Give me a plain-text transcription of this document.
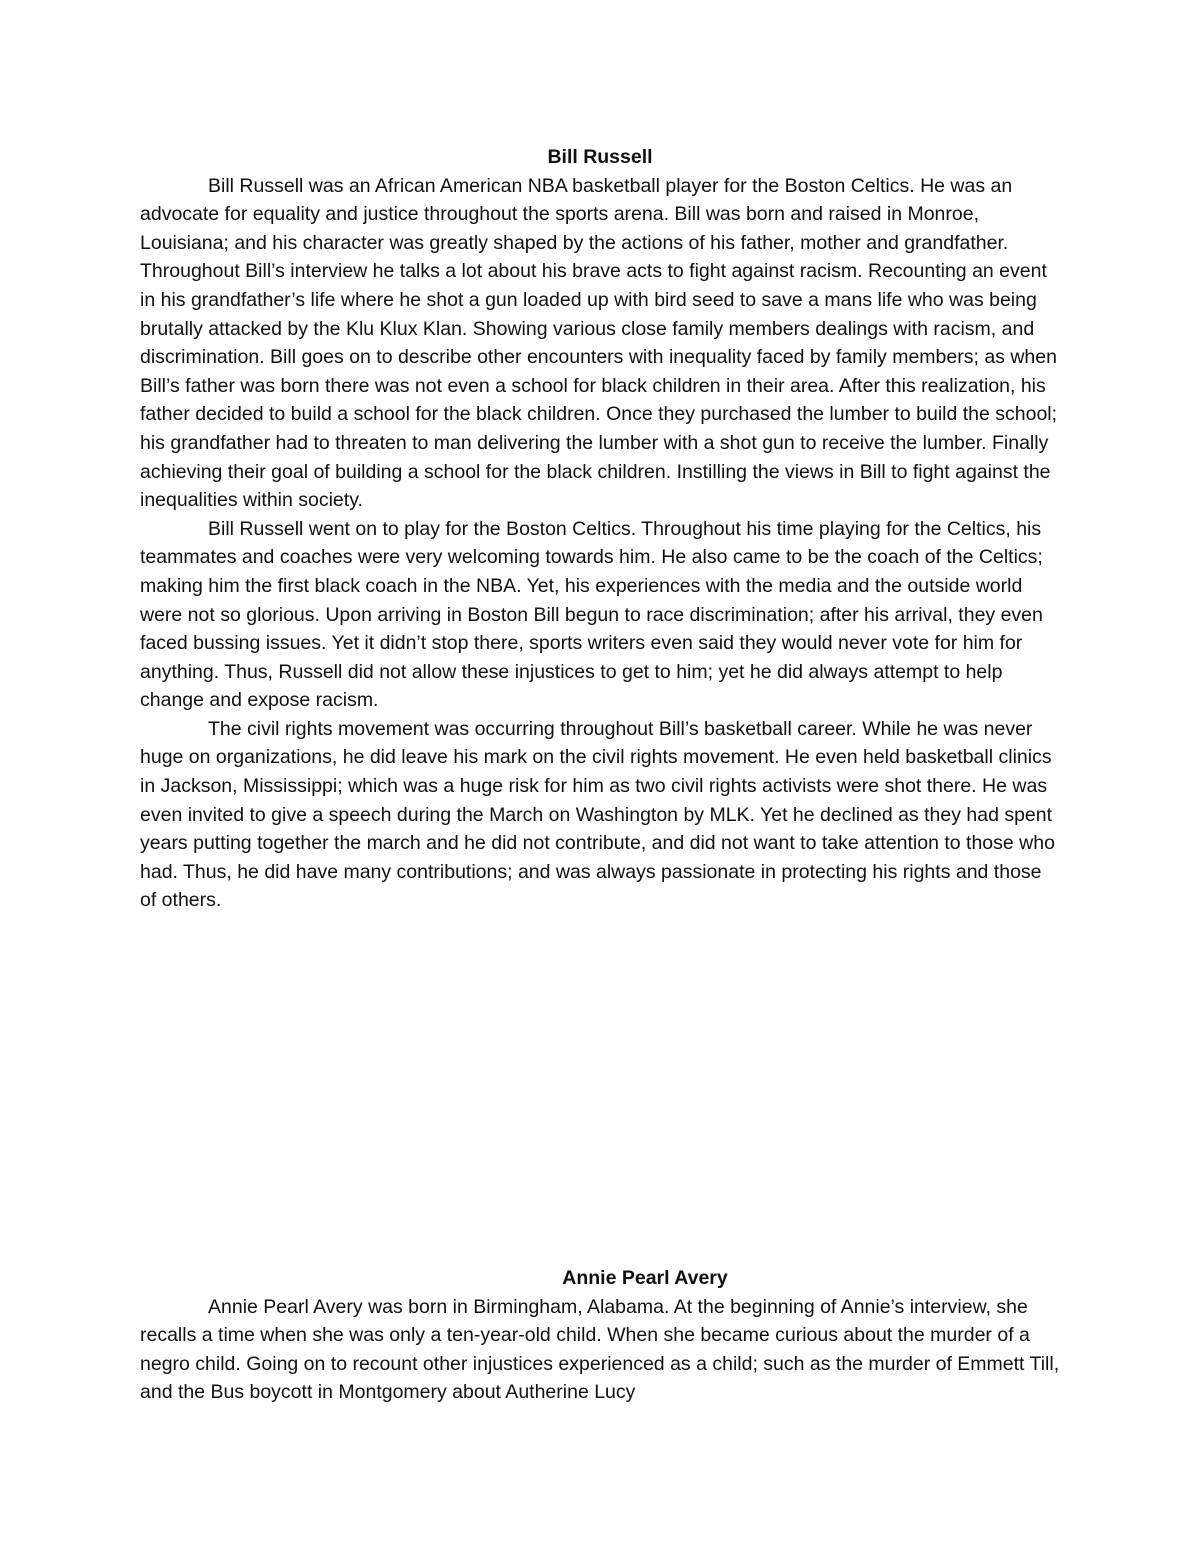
Bill Russell

Bill Russell was an African American NBA basketball player for the Boston Celtics. He was an advocate for equality and justice throughout the sports arena. Bill was born and raised in Monroe, Louisiana; and his character was greatly shaped by the actions of his father, mother and grandfather. Throughout Bill’s interview he talks a lot about his brave acts to fight against racism. Recounting an event in his grandfather’s life where he shot a gun loaded up with bird seed to save a mans life who was being brutally attacked by the Klu Klux Klan. Showing various close family members dealings with racism, and discrimination. Bill goes on to describe other encounters with inequality faced by family members; as when Bill’s father was born there was not even a school for black children in their area. After this realization, his father decided to build a school for the black children. Once they purchased the lumber to build the school; his grandfather had to threaten to man delivering the lumber with a shot gun to receive the lumber. Finally achieving their goal of building a school for the black children. Instilling the views in Bill to fight against the inequalities within society.

Bill Russell went on to play for the Boston Celtics. Throughout his time playing for the Celtics, his teammates and coaches were very welcoming towards him. He also came to be the coach of the Celtics; making him the first black coach in the NBA. Yet, his experiences with the media and the outside world were not so glorious. Upon arriving in Boston Bill begun to race discrimination; after his arrival, they even faced bussing issues. Yet it didn’t stop there, sports writers even said they would never vote for him for anything. Thus, Russell did not allow these injustices to get to him; yet he did always attempt to help change and expose racism.

The civil rights movement was occurring throughout Bill’s basketball career. While he was never huge on organizations, he did leave his mark on the civil rights movement. He even held basketball clinics in Jackson, Mississippi; which was a huge risk for him as two civil rights activists were shot there. He was even invited to give a speech during the March on Washington by MLK. Yet he declined as they had spent years putting together the march and he did not contribute, and did not want to take attention to those who had. Thus, he did have many contributions; and was always passionate in protecting his rights and those of others.

Annie Pearl Avery

Annie Pearl Avery was born in Birmingham, Alabama. At the beginning of Annie’s interview, she recalls a time when she was only a ten-year-old child. When she became curious about the murder of a negro child. Going on to recount other injustices experienced as a child; such as the murder of Emmett Till, and the Bus boycott in Montgomery about Autherine Lucy
